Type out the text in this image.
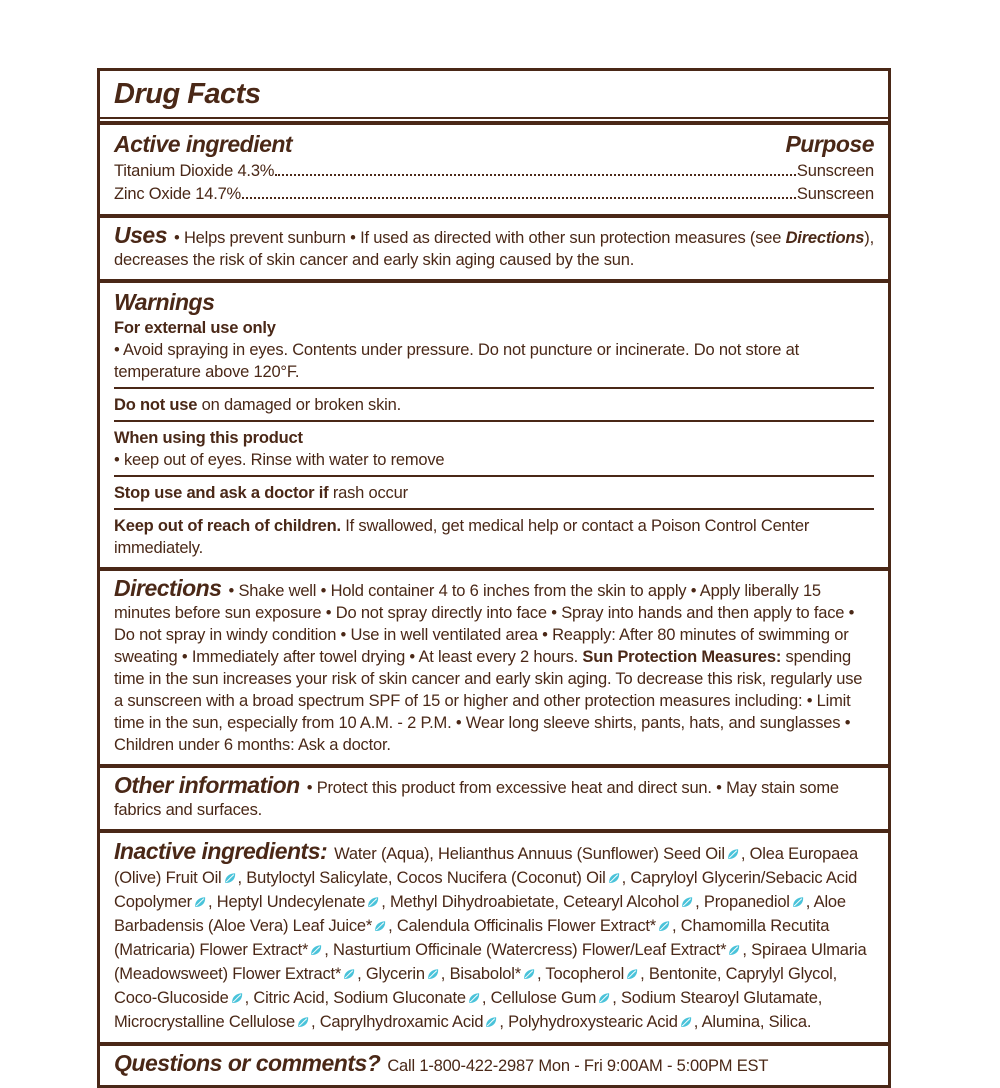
Drug Facts
Active ingredient	Purpose
Titanium Dioxide 4.3%	Sunscreen
Zinc Oxide 14.7%	Sunscreen

Uses • Helps prevent sunburn • If used as directed with other sun protection measures (see Directions), decreases the risk of skin cancer and early skin aging caused by the sun.

Warnings

For external use only

• Avoid spraying in eyes. Contents under pressure. Do not puncture or incinerate. Do not store at temperature above 120°F.

Do not use on damaged or broken skin.

When using this product

• keep out of eyes. Rinse with water to remove

Stop use and ask a doctor if rash occur

Keep out of reach of children. If swallowed, get medical help or contact a Poison Control Center immediately.

Directions • Shake well • Hold container 4 to 6 inches from the skin to apply • Apply liberally 15 minutes before sun exposure • Do not spray directly into face • Spray into hands and then apply to face • Do not spray in windy condition • Use in well ventilated area • Reapply: After 80 minutes of swimming or sweating • Immediately after towel drying • At least every 2 hours. Sun Protection Measures: spending time in the sun increases your risk of skin cancer and early skin aging. To decrease this risk, regularly use a sunscreen with a broad spectrum SPF of 15 or higher and other protection measures including: • Limit time in the sun, especially from 10 A.M. - 2 P.M. • Wear long sleeve shirts, pants, hats, and sunglasses • Children under 6 months: Ask a doctor.

Other information • Protect this product from excessive heat and direct sun. • May stain some fabrics and surfaces.

Inactive ingredients: Water (Aqua), Helianthus Annuus (Sunflower) Seed Oil , Olea Europaea (Olive) Fruit Oil , Butyloctyl Salicylate, Cocos Nucifera (Coconut) Oil , Capryloyl Glycerin/Sebacic Acid Copolymer , Heptyl Undecylenate , Methyl Dihydroabietate, Cetearyl Alcohol , Propanediol , Aloe Barbadensis (Aloe Vera) Leaf Juice* , Calendula Officinalis Flower Extract* , Chamomilla Recutita (Matricaria) Flower Extract* , Nasturtium Officinale (Watercress) Flower/Leaf Extract* , Spiraea Ulmaria (Meadowsweet) Flower Extract* , Glycerin , Bisabolol* , Tocopherol , Bentonite, Caprylyl Glycol, Coco-Glucoside , Citric Acid, Sodium Gluconate , Cellulose Gum , Sodium Stearoyl Glutamate, Microcrystalline Cellulose , Caprylhydroxamic Acid , Polyhydroxystearic Acid , Alumina, Silica.

Questions or comments? Call 1-800-422-2987 Mon - Fri 9:00AM - 5:00PM EST
